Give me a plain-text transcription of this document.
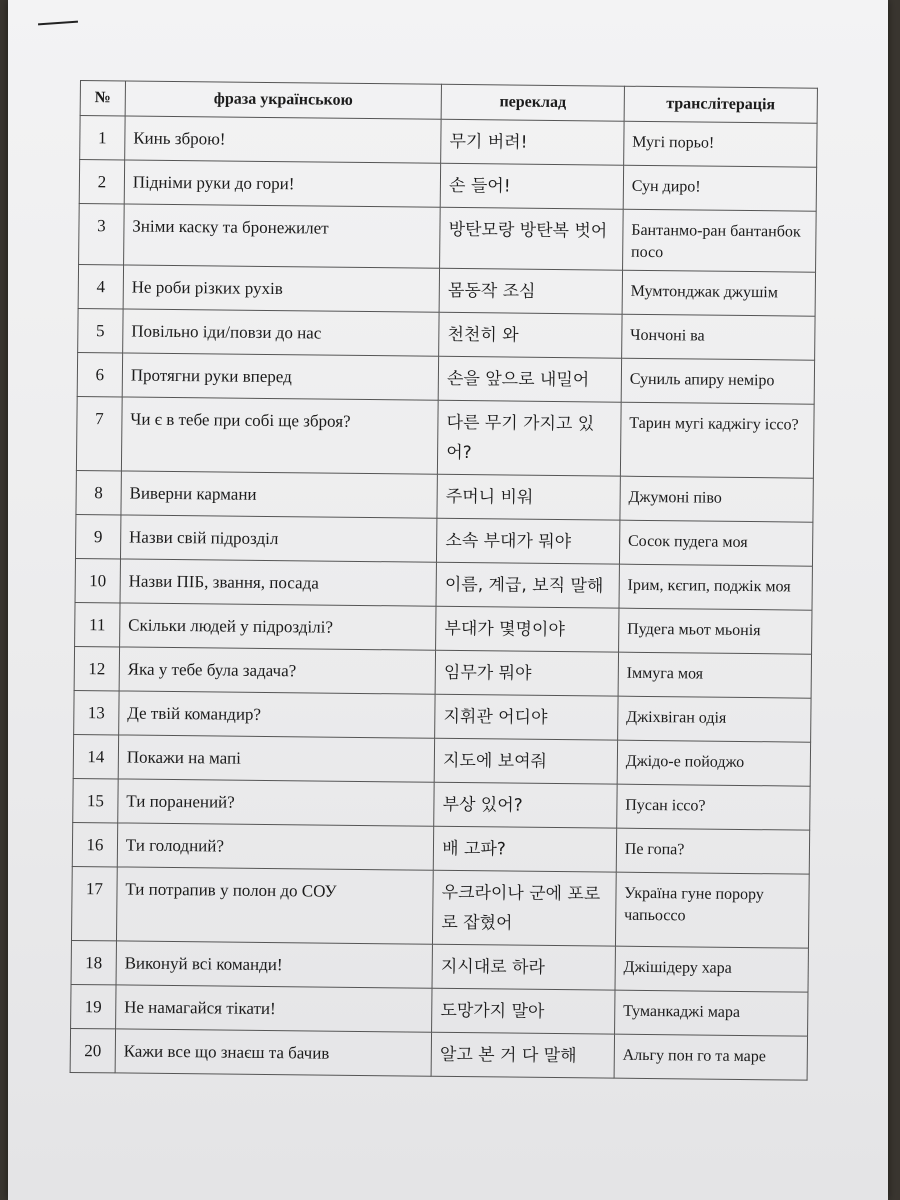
№	фраза українською	переклад	транслітерація
1	Кинь зброю!	무기 버려!	Мугі порьо!
2	Підніми руки до гори!	손 들어!	Сун диро!
3	Зніми каску та бронежилет	방탄모랑 방탄복 벗어	Бантанмо-ран бантанбок посо
4	Не роби різких рухів	몸동작 조심	Мумтонджак джушім
5	Повільно іди/повзи до нас	천천히 와	Чончоні ва
6	Протягни руки вперед	손을 앞으로 내밀어	Суниль апиру неміро
7	Чи є в тебе при собі ще зброя?	다른 무기 가지고 있어?	Тарин мугі каджігу іссо?
8	Виверни кармани	주머니 비워	Джумоні піво
9	Назви свій підрозділ	소속 부대가 뭐야	Сосок пудега моя
10	Назви ПІБ, звання, посада	이름, 계급, 보직 말해	Ірим, кєгип, поджік моя
11	Скільки людей у підрозділі?	부대가 몇명이야	Пудега мьот мьонія
12	Яка у тебе була задача?	임무가 뭐야	Іммуга моя
13	Де твій командир?	지휘관 어디야	Джіхвіган одія
14	Покажи на мапі	지도에 보여줘	Джідо-е пойоджо
15	Ти поранений?	부상 있어?	Пусан іссо?
16	Ти голодний?	배 고파?	Пе гопа?
17	Ти потрапив у полон до СОУ	우크라이나 군에 포로로 잡혔어	Україна гуне порору чапьоссо
18	Виконуй всі команди!	지시대로 하라	Джішідеру хара
19	Не намагайся тікати!	도망가지 말아	Туманкаджі мара
20	Кажи все що знаєш та бачив	알고 본 거 다 말해	Альгу пон го та маре
